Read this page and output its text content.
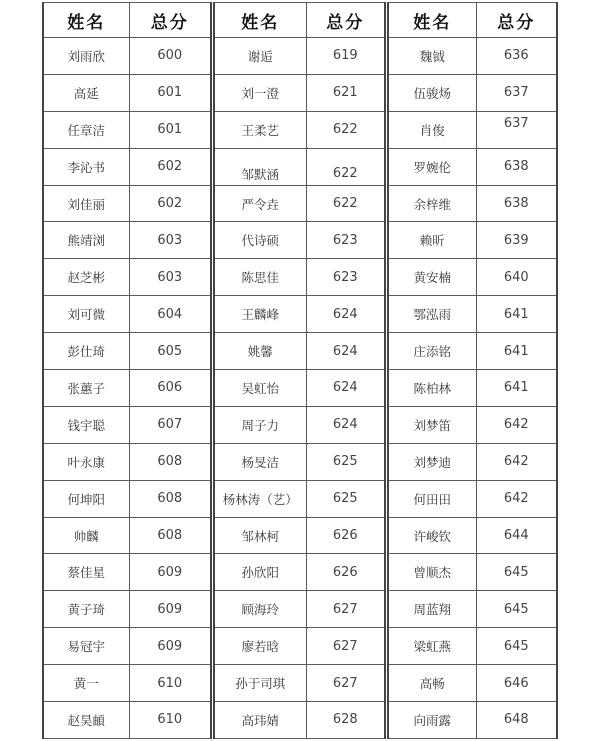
姓名	总分
刘雨欣	600
高延	601
任章洁	601
李沁书	602
刘佳丽	602
熊靖浏	603
赵芝彬	603
刘可微	604
彭仕琦	605
张蕙子	606
钱宇聪	607
叶永康	608
何坤阳	608
帅麟	608
蔡佳星	609
黄子琦	609
易冠宇	609
黄一	610
赵昊頔	610
姓名	总分
谢逅	619
刘一澄	621
王柔艺	622
邹默涵	622
严令垚	622
代诗硕	623
陈思佳	623
王麟峰	624
姚馨	624
吴虹怡	624
周子力	624
杨旻洁	625
杨林涛（艺）	625
邹林柯	626
孙欣阳	626
顾海玲	627
廖若晗	627
孙于司琪	627
高玮婧	628
姓名	总分
魏钺	636
伍骏炀	637
肖俊	637
罗婉伦	638
余梓维	638
赖昕	639
黄安楠	640
鄂泓雨	641
庄添铭	641
陈柏林	641
刘梦笛	642
刘梦迪	642
何田田	642
许峻钦	644
曾顺杰	645
周蓝翔	645
梁虹燕	645
高畅	646
向雨露	648
